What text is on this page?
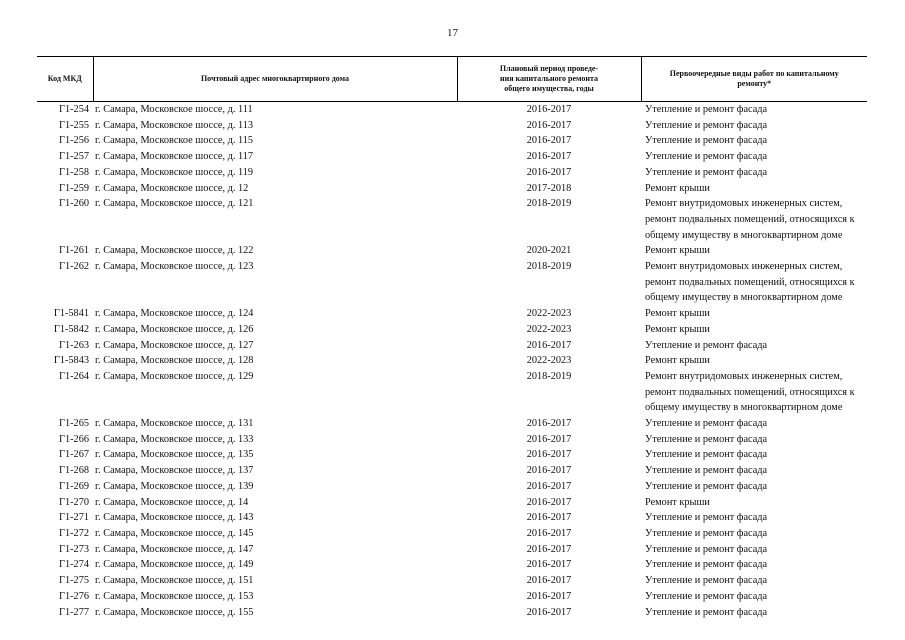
17
Код МКД	Почтовый адрес многоквартирного дома	Плановый период проведе-
ния капитального ремонта
общего имущества, годы	Первоочередные виды работ по капитальному
ремонту*

Г1-254	г. Самара, Московское шоссе, д. 111	2016-2017	Утепление и ремонт фасада

Г1-255	г. Самара, Московское шоссе, д. 113	2016-2017	Утепление и ремонт фасада

Г1-256	г. Самара, Московское шоссе, д. 115	2016-2017	Утепление и ремонт фасада

Г1-257	г. Самара, Московское шоссе, д. 117	2016-2017	Утепление и ремонт фасада

Г1-258	г. Самара, Московское шоссе, д. 119	2016-2017	Утепление и ремонт фасада

Г1-259	г. Самара, Московское шоссе, д. 12	2017-2018	Ремонт крыши

Г1-260	г. Самара, Московское шоссе, д. 121	2018-2019	Ремонт внутридомовых инженерных систем,
ремонт подвальных помещений, относящихся к
общему имуществу в многоквартирном доме

Г1-261	г. Самара, Московское шоссе, д. 122	2020-2021	Ремонт крыши

Г1-262	г. Самара, Московское шоссе, д. 123	2018-2019	Ремонт внутридомовых инженерных систем,
ремонт подвальных помещений, относящихся к
общему имуществу в многоквартирном доме

Г1-5841	г. Самара, Московское шоссе, д. 124	2022-2023	Ремонт крыши

Г1-5842	г. Самара, Московское шоссе, д. 126	2022-2023	Ремонт крыши

Г1-263	г. Самара, Московское шоссе, д. 127	2016-2017	Утепление и ремонт фасада

Г1-5843	г. Самара, Московское шоссе, д. 128	2022-2023	Ремонт крыши

Г1-264	г. Самара, Московское шоссе, д. 129	2018-2019	Ремонт внутридомовых инженерных систем,
ремонт подвальных помещений, относящихся к
общему имуществу в многоквартирном доме

Г1-265	г. Самара, Московское шоссе, д. 131	2016-2017	Утепление и ремонт фасада

Г1-266	г. Самара, Московское шоссе, д. 133	2016-2017	Утепление и ремонт фасада

Г1-267	г. Самара, Московское шоссе, д. 135	2016-2017	Утепление и ремонт фасада

Г1-268	г. Самара, Московское шоссе, д. 137	2016-2017	Утепление и ремонт фасада

Г1-269	г. Самара, Московское шоссе, д. 139	2016-2017	Утепление и ремонт фасада

Г1-270	г. Самара, Московское шоссе, д. 14	2016-2017	Ремонт крыши

Г1-271	г. Самара, Московское шоссе, д. 143	2016-2017	Утепление и ремонт фасада

Г1-272	г. Самара, Московское шоссе, д. 145	2016-2017	Утепление и ремонт фасада

Г1-273	г. Самара, Московское шоссе, д. 147	2016-2017	Утепление и ремонт фасада

Г1-274	г. Самара, Московское шоссе, д. 149	2016-2017	Утепление и ремонт фасада

Г1-275	г. Самара, Московское шоссе, д. 151	2016-2017	Утепление и ремонт фасада

Г1-276	г. Самара, Московское шоссе, д. 153	2016-2017	Утепление и ремонт фасада

Г1-277	г. Самара, Московское шоссе, д. 155	2016-2017	Утепление и ремонт фасада
